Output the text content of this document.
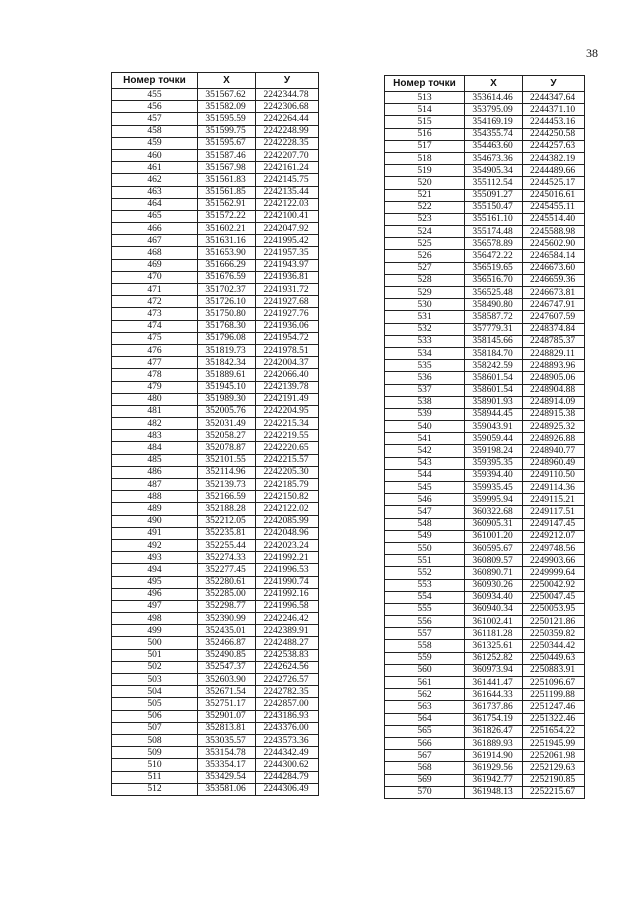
38
Номер точки	Х	У
455	351567.62	2242344.78
456	351582.09	2242306.68
457	351595.59	2242264.44
458	351599.75	2242248.99
459	351595.67	2242228.35
460	351587.46	2242207.70
461	351567.98	2242161.24
462	351561.83	2242145.75
463	351561.85	2242135.44
464	351562.91	2242122.03
465	351572.22	2242100.41
466	351602.21	2242047.92
467	351631.16	2241995.42
468	351653.90	2241957.35
469	351666.29	2241943.97
470	351676.59	2241936.81
471	351702.37	2241931.72
472	351726.10	2241927.68
473	351750.80	2241927.76
474	351768.30	2241936.06
475	351796.08	2241954.72
476	351819.73	2241978.51
477	351842.34	2242004.37
478	351889.61	2242066.40
479	351945.10	2242139.78
480	351989.30	2242191.49
481	352005.76	2242204.95
482	352031.49	2242215.34
483	352058.27	2242219.55
484	352078.87	2242220.65
485	352101.55	2242215.57
486	352114.96	2242205.30
487	352139.73	2242185.79
488	352166.59	2242150.82
489	352188.28	2242122.02
490	352212.05	2242085.99
491	352235.81	2242048.96
492	352255.44	2242023.24
493	352274.33	2241992.21
494	352277.45	2241996.53
495	352280.61	2241990.74
496	352285.00	2241992.16
497	352298.77	2241996.58
498	352390.99	2242246.42
499	352435.01	2242389.91
500	352466.87	2242488.27
501	352490.85	2242538.83
502	352547.37	2242624.56
503	352603.90	2242726.57
504	352671.54	2242782.35
505	352751.17	2242857.00
506	352901.07	2243186.93
507	352813.81	2243376.00
508	353035.57	2243573.36
509	353154.78	2244342.49
510	353354.17	2244300.62
511	353429.54	2244284.79
512	353581.06	2244306.49
Номер точки	Х	У
513	353614.46	2244347.64
514	353795.09	2244371.10
515	354169.19	2244453.16
516	354355.74	2244250.58
517	354463.60	2244257.63
518	354673.36	2244382.19
519	354905.34	2244489.66
520	355112.54	2244525.17
521	355091.27	2245016.61
522	355150.47	2245455.11
523	355161.10	2245514.40
524	355174.48	2245588.98
525	356578.89	2245602.90
526	356472.22	2246584.14
527	356519.65	2246673.60
528	356516.70	2246659.36
529	356525.48	2246673.81
530	358490.80	2246747.91
531	358587.72	2247607.59
532	357779.31	2248374.84
533	358145.66	2248785.37
534	358184.70	2248829.11
535	358242.59	2248893.96
536	358601.54	2248905.06
537	358601.54	2248904.88
538	358901.93	2248914.09
539	358944.45	2248915.38
540	359043.91	2248925.32
541	359059.44	2248926.88
542	359198.24	2248940.77
543	359395.35	2248960.49
544	359394.40	2249110.50
545	359935.45	2249114.36
546	359995.94	2249115.21
547	360322.68	2249117.51
548	360905.31	2249147.45
549	361001.20	2249212.07
550	360595.67	2249748.56
551	360809.57	2249903.66
552	360890.71	2249999.64
553	360930.26	2250042.92
554	360934.40	2250047.45
555	360940.34	2250053.95
556	361002.41	2250121.86
557	361181.28	2250359.82
558	361325.61	2250344.42
559	361252.82	2250449.63
560	360973.94	2250883.91
561	361441.47	2251096.67
562	361644.33	2251199.88
563	361737.86	2251247.46
564	361754.19	2251322.46
565	361826.47	2251654.22
566	361889.93	2251945.99
567	361914.90	2252061.98
568	361929.56	2252129.63
569	361942.77	2252190.85
570	361948.13	2252215.67
